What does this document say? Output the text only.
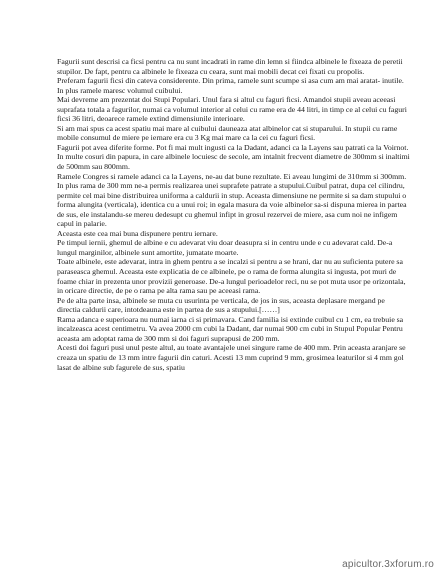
Fagurii sunt descrisi ca ficsi pentru ca nu sunt incadrati in rame din lemn si fiindca albinele le fixeaza de peretii stupilor. De fapt, pentru ca albinele le fixeaza cu ceara, sunt mai mobili decat cei fixati cu propolis.

Preferam fagurii ficsi din cateva considerente. Din prima, ramele sunt scumpe si asa cum am mai aratat- inutile. In plus ramele maresc volumul cuibului.

Mai devreme am prezentat doi Stupi Populari. Unul fara si altul cu faguri ficsi. Amandoi stupii aveau aceeasi suprafata totala a fagurilor, numai ca volumul interior al celui cu rame era de 44 litri, in timp ce al celui cu faguri ficsi 36 litri, deoarece ramele extind dimensiunile interioare.

Si am mai spus ca acest spatiu mai mare al cuibului dauneaza atat albinelor cat si stuparului. In stupii cu rame mobile consumul de miere pe iernare era cu 3 Kg mai mare ca la cei cu faguri ficsi.

Fagurii pot avea diferite forme. Pot fi mai mult ingusti ca la Dadant, adanci ca la Layens sau patrati ca la Voirnot.

In multe cosuri din papura, in care albinele locuiesc de secole, am intalnit frecvent diametre de 300mm si inaltimi de 500mm sau 800mm.

Ramele Congres si ramele adanci ca la Layens, ne-au dat bune rezultate. Ei aveau lungimi de 310mm si 300mm. In plus rama de 300 mm ne-a permis realizarea unei suprafete patrate a stupului.Cuibul patrat, dupa cel cilindru, permite cel mai bine distribuirea uniforma a caldurii in stup. Aceasta dimensiune ne permite si sa dam stupului o forma alungita (verticala), identica cu a unui roi; in egala masura da voie albinelor sa-si dispuna mierea in partea de sus, ele instalandu-se mereu dedesupt cu ghemul infipt in grosul rezervei de miere, asa cum noi ne infigem capul in palarie.

Aceasta este cea mai buna dispunere pentru iernare.

Pe timpul iernii, ghemul de albine e cu adevarat viu doar deasupra si in centru unde e cu adevarat cald. De-a lungul marginilor, albinele sunt amortite, jumatate moarte.

Toate albinele, este adevarat, intra in ghem pentru a se incalzi si pentru a se hrani, dar nu au suficienta putere sa paraseasca ghemul. Aceasta este explicatia de ce albinele, pe o rama de forma alungita si ingusta, pot muri de foame chiar in prezenta unor provizii generoase. De-a lungul perioadelor reci, nu se pot muta usor pe orizontala, in oricare directie, de pe o rama pe alta rama sau pe aceeasi rama.

Pe de alta parte insa, albinele se muta cu usurinta pe verticala, de jos in sus, aceasta deplasare mergand pe directia caldurii care, intotdeauna este in partea de sus a stupului.[……]

Rama adanca e superioara nu numai iarna ci si primavara. Cand familia isi extinde cuibul cu 1 cm, ea trebuie sa incalzeasca acest centimetru. Va avea 2000 cm cubi la Dadant, dar numai 900 cm cubi in Stupul Popular Pentru aceasta am adoptat rama de 300 mm si doi faguri suprapusi de 200 mm.

Acesti doi faguri pusi unul peste altul, au toate avantajele unei singure rame de 400 mm. Prin aceasta aranjare se creaza un spatiu de 13 mm intre fagurii din caturi. Acesti 13 mm cuprind 9 mm, grosimea leaturilor si 4 mm gol lasat de albine sub fagurele de sus, spatiu

apicultor.3xforum.ro
